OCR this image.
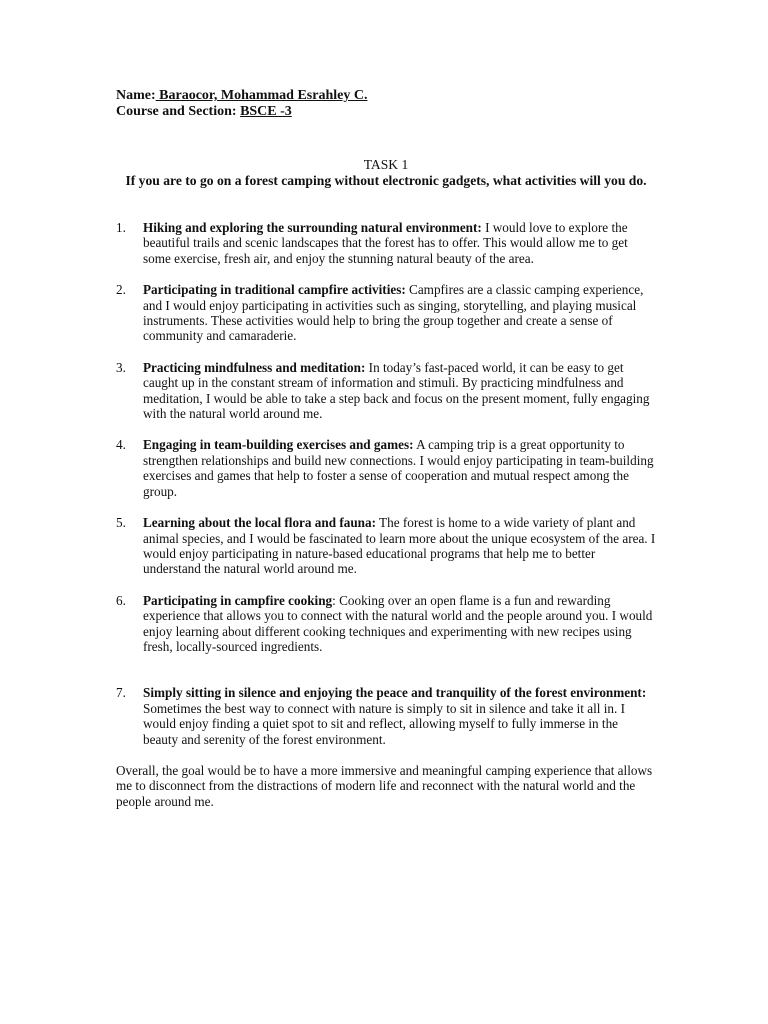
Name: Baraocor, Mohammad Esrahley C.
Course and Section: BSCE -3
TASK 1
If you are to go on a forest camping without electronic gadgets, what activities will you do.
1. Hiking and exploring the surrounding natural environment: I would love to explore the beautiful trails and scenic landscapes that the forest has to offer. This would allow me to get some exercise, fresh air, and enjoy the stunning natural beauty of the area.
2. Participating in traditional campfire activities: Campfires are a classic camping experience, and I would enjoy participating in activities such as singing, storytelling, and playing musical instruments. These activities would help to bring the group together and create a sense of community and camaraderie.
3. Practicing mindfulness and meditation: In today’s fast-paced world, it can be easy to get caught up in the constant stream of information and stimuli. By practicing mindfulness and meditation, I would be able to take a step back and focus on the present moment, fully engaging with the natural world around me.
4. Engaging in team-building exercises and games: A camping trip is a great opportunity to strengthen relationships and build new connections. I would enjoy participating in team-building exercises and games that help to foster a sense of cooperation and mutual respect among the group.
5. Learning about the local flora and fauna: The forest is home to a wide variety of plant and animal species, and I would be fascinated to learn more about the unique ecosystem of the area. I would enjoy participating in nature-based educational programs that help me to better understand the natural world around me.
6. Participating in campfire cooking: Cooking over an open flame is a fun and rewarding experience that allows you to connect with the natural world and the people around you. I would enjoy learning about different cooking techniques and experimenting with new recipes using fresh, locally-sourced ingredients.
7. Simply sitting in silence and enjoying the peace and tranquility of the forest environment: Sometimes the best way to connect with nature is simply to sit in silence and take it all in. I would enjoy finding a quiet spot to sit and reflect, allowing myself to fully immerse in the beauty and serenity of the forest environment.

Overall, the goal would be to have a more immersive and meaningful camping experience that allows me to disconnect from the distractions of modern life and reconnect with the natural world and the people around me.
